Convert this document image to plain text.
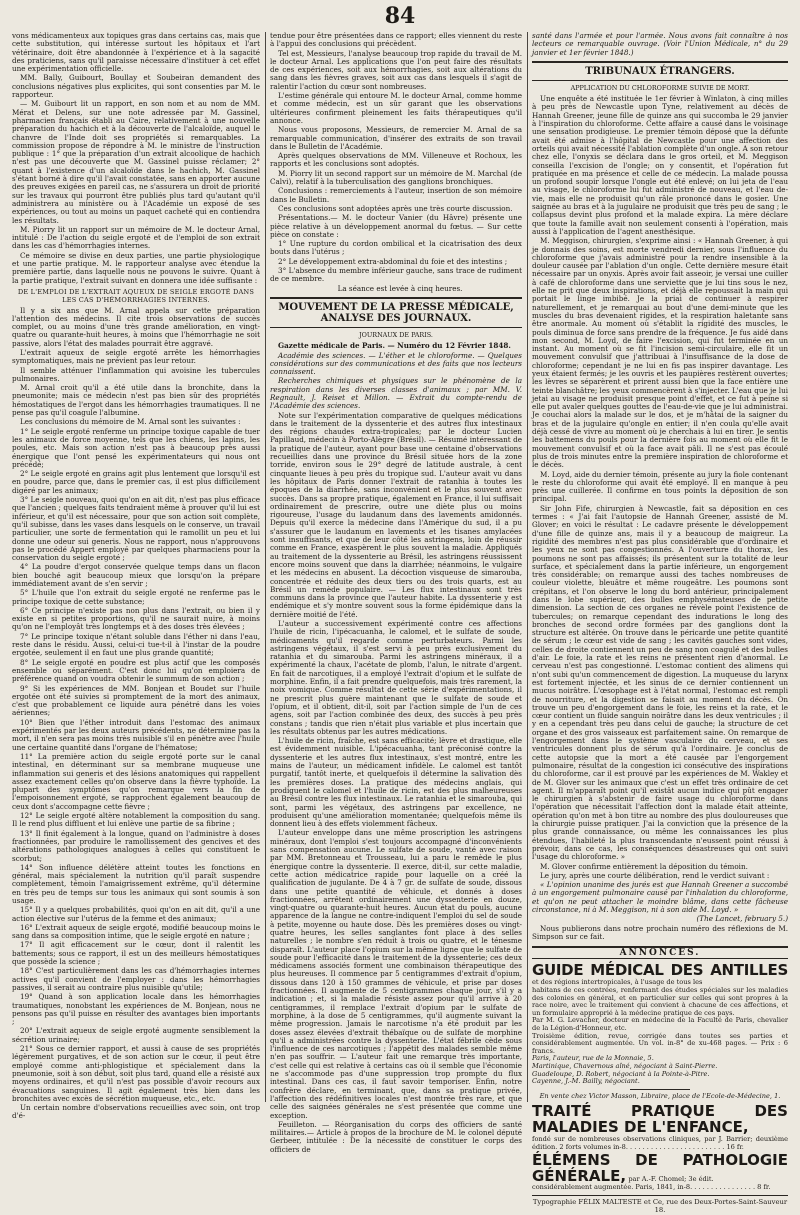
84

vons médicamenteux aux topiques gras dans certains cas, mais que cette substitution, qui intéresse surtout les hôpitaux et l'art vétérinaire, doit être abandonnée à l'expérience et à la sagacité des praticiens, sans qu'il paraisse nécessaire d'instituer à cet effet une expérimentation officielle.

MM. Bally, Guibourt, Boullay et Soubeiran demandent des conclusions négatives plus explicites, qui sont consenties par M. le rapporteur.

— M. Guibourt lit un rapport, en son nom et au nom de MM. Mérat et Delens, sur une note adressée par M. Gassinel, pharmacien français établi au Caire, relativement à une nouvelle préparation du hachich et à la découverte de l'alcaloïde, auquel le chanvre de l'Inde doit ses propriétés si remarquables. La commission propose de répondre à M. le ministre de l'instruction publique : 1° que la préparation d'un extrait alcoolique de hachich n'est pas une découverte que M. Gassinel puisse réclamer; 2° quant à l'existence d'un alcaloïde dans le hachich, M. Gassinel s'étant borné à dire qu'il l'avait constatée, sans en apporter aucune des preuves exigées en pareil cas, ne s'assurera un droit de priorité sur les travaux qui pourront être publiés plus tard qu'autant qu'il administrera au ministère ou à l'Académie un exposé de ses expériences, ou tout au moins un paquet cacheté qui en contiendra les résultats.

M. Piorry lit un rapport sur un mémoire de M. le docteur Arnal, intitulé : De l'action du seigle ergoté et de l'emploi de son extrait dans les cas d'hémorrhagies internes.

Ce mémoire se divise en deux parties, une partie physiologique et une partie pratique. M. le rapporteur analyse avec étendue la première partie, dans laquelle nous ne pouvons le suivre. Quant à la partie pratique, l'extrait suivant en donnera une idée suffisante :

DE L'EMPLOI DE L'EXTRAIT AQUEUX DE SEIGLE ERGOTÉ DANS LES CAS D'HÉMORRHAGIES INTERNES.

Il y a six ans que M. Arnal appela sur cette préparation l'attention des médecins. Il cite trois observations de succès complet, ou au moins d'une très grande amélioration, en vingt-quatre ou quarante-huit heures, à moins que l'hémorrhagie ne soit passive, alors l'état des malades pourrait être aggravé.

L'extrait aqueux de seigle ergoté arrête les hémorrhagies symptomatiques, mais ne prévient pas leur retour.

Il semble atténuer l'inflammation qui avoisine les tubercules pulmonaires.

M. Arnal croit qu'il a été utile dans la bronchite, dans la pneumonite; mais ce médecin n'est pas bien sûr des propriétés hémostatiques de l'ergot dans les hémorrhagies traumatiques. Il ne pense pas qu'il coagule l'albumine.

Les conclusions du mémoire de M. Arnal sont les suivantes :

1° Le seigle ergoté renferme un principe toxique capable de tuer les animaux de force moyenne, tels que les chiens, les lapins, les poules, etc. Mais son action n'est pas à beaucoup près aussi énergique que l'ont pensé les expérimentateurs qui nous ont précédé;

2° Le seigle ergoté en grains agit plus lentement que lorsqu'il est en poudre, parce que, dans le premier cas, il est plus difficilement digéré par les animaux;

3° Le seigle nouveau, quoi qu'on en ait dit, n'est pas plus efficace que l'ancien ; quelques faits tendraient même à prouver qu'il lui est inférieur, et qu'il est nécessaire, pour que son action soit complète, qu'il subisse, dans les vases dans lesquels on le conserve, un travail particulier, une sorte de fermentation qui le ramollit un peu et lui donne une odeur sui generis. Nous ne rapport, nous n'approuvons pas le procédé Appert employé par quelques pharmaciens pour la conservation du seigle ergoté ;

4° La poudre d'ergot conservée quelque temps dans un flacon bien bouché agit beaucoup mieux que lorsqu'on la prépare immédiatement avant de s'en servir ;

5° L'huile que l'on extrait du seigle ergoté ne renferme pas le principe toxique de cette substance;

6° Ce principe n'existe pas non plus dans l'extrait, ou bien il y existe en si petites proportions, qu'il ne saurait nuire, à moins qu'on ne l'employât très longtemps et à des doses très élevées ;

7° Le principe toxique n'étant soluble dans l'éther ni dans l'eau, reste dans le résidu. Aussi, celui-ci tue-t-il à l'instar de la poudre ergotée, seulement il en faut une plus grande quantité;

8° Le seigle ergoté en poudre est plus actif que les composés ensemble ou séparément. C'est donc lui qu'on emploiera de préférence quand on voudra obtenir le summum de son action ;

9° Si les expériences de MM. Bonjean et Boudet sur l'huile ergotée ont été suivies si promptement de la mort des animaux, c'est que probablement ce liquide aura pénétré dans les voies aériennes;

10° Bien que l'éther introduit dans l'estomac des animaux expérimentés par les deux auteurs précédents, ne détermine pas la mort, il n'en sera pas moins très nuisible s'il en pénètre avec l'huile une certaine quantité dans l'organe de l'hématose;

11° La première action du seigle ergoté porte sur le canal intestinal, en déterminant sur sa membrane muqueuse une inflammation sui generis et des lésions anatomiques qui rappellent assez exactement celles qu'on observe dans la fièvre typhoïde. La plupart des symptômes qu'on remarque vers la fin de l'empoisonnement ergoté, se rapprochent également beaucoup de ceux dont s'accompagne cette fièvre ;

12° Le seigle ergoté altère notablement la composition du sang. Il le rend plus diffluent et lui enlève une partie de sa fibrine ;

13° Il finit également à la longue, quand on l'administre à doses fractionnées, par produire le ramollissement des gencives et des altérations pathologiques analogues à celles qui constituent le scorbut;

14° Son influence délétère atteint toutes les fonctions en général, mais spécialement la nutrition qu'il paraît suspendre complètement, témoin l'amaigrissement extrême, qu'il détermine en très peu de temps sur tous les animaux qui sont soumis à son usage.

15° Il y a quelques probabilités, quoi qu'on en ait dit, qu'il a une action élective sur l'utérus de la femme et des animaux;

16° L'extrait aqueux de seigle ergoté, modifié beaucoup moins le sang dans sa composition intime, que le seigle ergoté en nature ;

17° Il agit efficacement sur le cœur, dont il ralentit les battements; sous ce rapport, il est un des meilleurs hémostatiques que possède la science ;

18° C'est particulièrement dans les cas d'hémorrhagies internes actives qu'il convient de l'employer : dans les hémorrhagies passives, il serait au contraire plus nuisible qu'utile;

19° Quand à son application locale dans les hémorrhagies traumatiques, nonobstant les expériences de M. Bonjean, nous ne pensons pas qu'il puisse en résulter des avantages bien importants ;

20° L'extrait aqueux de seigle ergoté augmente sensiblement la sécrétion urinaire;

21° Sous ce dernier rapport, et aussi à cause de ses propriétés légèrement purgatives, et de son action sur le cœur, il peut être employé comme anti-phlogistique et spécialement dans la pneumonie, soit à son début, soit plus tard, quand elle a résisté aux moyens ordinaires, et qu'il n'est pas possible d'avoir recours aux évacuations sanguines. Il agit également très bien dans les bronchites avec excès de sécrétion muqueuse, etc., etc.

Un certain nombre d'observations recueillies avec soin, ont trop d'é-

tendue pour être présentées dans ce rapport; elles viennent du reste à l'appui des conclusions qui précèdent.

Tel est, Messieurs, l'analyse beaucoup trop rapide du travail de M. le docteur Arnal. Les applications que l'on peut faire des résultats de ces expériences, soit aux hémorrhagies, soit aux altérations du sang dans les fièvres graves, soit aux cas dans lesquels il s'agit de ralentir l'action du cœur sont nombreuses.

L'estime générale qui entoure M. le docteur Arnal, comme homme et comme médecin, est un sûr garant que les observations ultérieures confirment pleinement les faits thérapeutiques qu'il annonce.

Nous vous proposons, Messieurs, de remercier M. Arnal de sa remarquable communication, d'insérer des extraits de son travail dans le Bulletin de l'Académie.

Après quelques observations de MM. Villeneuve et Rochoux, les rapports et les conclusions sont adoptés.

M. Piorry lit un second rapport sur un mémoire de M. Marchal (de Calvi), relatif à la tuberculisation des ganglions bronchiques.

Conclusions : remerciements à l'auteur, insertion de son mémoire dans le Bulletin.

Ces conclusions sont adoptées après une très courte discussion.

Présentations.— M. le docteur Vanier (du Hâvre) présente une pièce relative à un développement anormal du fœtus. — Sur cette pièce on constate :

1° Une rupture du cordon ombilical et la cicatrisation des deux bouts dans l'utérus ;

2° Le développement extra-abdominal du foie et des intestins ;

3° L'absence du membre inférieur gauche, sans trace de rudiment de ce membre.

La séance est levée à cinq heures.

MOUVEMENT DE LA PRESSE MÉDICALE, ANALYSE DES JOURNAUX.
JOURNAUX DE PARIS.

Gazette médicale de Paris. — Numéro du 12 Février 1848.

Académie des sciences. — L'éther et le chloroforme. — Quelques considérations sur des communications et des faits que nos lecteurs connaissent.

Recherches chimiques et physiques sur le phénomène de la respiration dans les diverses classes d'animaux ; par MM. V. Regnault, J. Reiset et Millon. — Extrait du compte-rendu de l'Académie des sciences.

Note sur l'expérimentation comparative de quelques médications dans le traitement de la dyssenterie et des autres flux intestinaux des régions chaudes extra-tropicales; par le docteur Lucien Papillaud, médecin à Porto-Alègre (Brésil). — Résumé intéressant de la pratique de l'auteur, ayant pour base une centaine d'observations recueillies dans une province du Brésil située hors de la zone torride, environ sous le 29° degré de latitude australe, à cent cinquante lieues à peu près du tropique sud. L'auteur avait vu dans les hôpitaux de Paris donner l'extrait de ratanhia à toutes les époques de la diarrhée, sans inconvénient et le plus souvent avec succès. Dans sa propre pratique, également en France, il lui suffisait ordinairement de prescrire, outre une diète plus ou moins rigoureuse, l'usage du laudanum dans des lavements amidonnés. Depuis qu'il exerce la médecine dans l'Amérique du sud, il a pu s'assurer que le laudanum en lavements et les tisanes amylacées sont insuffisants, et que de leur côté les astringens, loin de réussir comme en France, exaspèrent le plus souvent la maladie. Appliqués au traitement de la dyssenterie au Brésil, les astringens réussissent encore moins souvent que dans la diarrhée; néanmoins, le vulgaire et les médecins en abusent. La décoction visqueuse de simarouba, concentrée et réduite des deux tiers ou des trois quarts, est au Brésil un remède populaire. — Les flux intestinaux sont très communs dans la province que l'auteur habite. La dyssenterie y est endémique et s'y montre souvent sous la forme épidémique dans la dernière moitié de l'été.

L'auteur a successivement expérimenté contre ces affections l'huile de ricin, l'ipécacuanha, le calomel, et le sulfate de soude, médicaments qu'il regarde comme perturbateurs. Parmi les astringens végétaux, il s'est servi à peu près exclusivement du ratanhia et du simarouba. Parmi les astringens minéraux, il a expérimenté la chaux, l'acétate de plomb, l'alun, le nitrate d'argent. En fait de narcotiques, il a employé l'extrait d'opium et le sulfate de morphine. Enfin, il a fait prendre quelquefois, mais très rarement, la noix vomique. Comme résultat de cette série d'expérimentations, il ne prescrit plus guère maintenant que le sulfate de soude et l'opium, et il obtient, dit-il, soit par l'action simple de l'un de ces agens, soit par l'action combinée des deux, des succès à peu près constans ; tandis que rien n'était plus variable et plus incertain que les résultats obtenus par les autres médications.

L'huile de ricin, fraîche, est sans efficacité; lèvre et drastique, elle est évidemment nuisible. L'ipécacuanha, tant préconisé contre la dyssenterie et les autres flux intestinaux, s'est montré, entre les mains de l'auteur, un médicament infidèle. Le calomel est tantôt purgatif, tantôt inerte, et quelquefois il détermine la salivation dès les premières doses. La pratique des médecins anglais, qui prodiguent le calomel et l'huile de ricin, est des plus malheureuses au Brésil contre les flux intestinaux. Le ratanhia et le simarouba, qui sont, parmi les végétaux, des astringens par excellence, ne produisent qu'une amélioration momentanée; quelquefois même ils donnent lieu à des effets violemment fâcheux.

L'auteur enveloppe dans une même proscription les astringens minéraux, dont l'emploi s'est toujours accompagné d'inconvénients sans compensation aucune. Le sulfate de soude, vanté avec raison par MM. Bretonneau et Trousseau, lui a paru le remède le plus énergique contre la dyssenterie. Il exerce, dit-il, sur cette maladie, cette action médicatrice rapide pour laquelle on a créé la qualification de jugulante. De 4 à 7 gr. de sulfate de soude, dissous dans une petite quantité de véhicule, et donnés à doses fractionnées, arrêtent ordinairement une dyssenterie en douze, vingt-quatre ou quarante-huit heures. Aucun état du pouls, aucune apparence de la langue ne contre-indiquent l'emploi du sel de soude à petite, moyenne ou haute dose. Dès les premières doses ou vingt-quatre heures, les selles sanglantes font place à des selles naturelles ; le nombre s'en réduit à trois ou quatre, et le ténesme disparaît. L'auteur place l'opium sur la même ligne que le sulfate de soude pour l'efficacité dans le traitement de la dyssenterie; ces deux médicamens associés forment une combinaison thérapeutique des plus heureuses. Il commence par 5 centigrammes d'extrait d'opium, dissous dans 120 à 150 grammes de véhicule, et prise par doses fractionnées. Il augmente de 5 centigrammes chaque jour, s'il y a indication ; et, si la maladie résiste assez pour qu'il arrive à 20 centigrammes, il remplace l'extrait d'opium par le sulfate de morphine, à la dose de 5 centigrammes, qu'il augmente suivant la même progression. Jamais le narcotisme n'a été produit par les doses assez élevées d'extrait thébaïque ou de sulfate de morphine qu'il a administrées contre la dyssenterie. L'état fébrile cède sous l'influence de ces narcotiques ; l'appétit des malades semble même n'en pas souffrir. — L'auteur fait une remarque très importante, c'est celle qui est relative à certains cas où il semble que l'économie ne s'accommode pas d'une suppression trop prompte du flux intestinal. Dans ces cas, il faut savoir temporiser. Enfin, notre confrère déclare, en terminant, que, dans sa pratique privée, l'affection des rédéfinitives locales n'est montrée très rare, et que celle des saignées générales ne s'est présentée que comme une exception.

Feuilleton. — Réorganisation du corps des officiers de santé militaires.— Article à propos de la brochure de M. le colonel député Gerbeer, intitulée : De la nécessité de constituer le corps des officiers de

santé dans l'armée et pour l'armée. Nous avons fait connaître à nos lecteurs ce remarquable ouvrage. (Voir l'Union Médicale, n° du 29 janvier et 1er février 1848.)

TRIBUNAUX ÉTRANGERS.
APPLICATION DU CHLOROFORME SUIVIE DE MORT.

Une enquête a été instituée le 1er février à Winlaton, à cinq milles à peu près de Newcastle upon Tyne, relativement au décès de Hannah Greener, jeune fille de quinze ans qui succomba le 29 janvier à l'inspiration du chloroforme. Cette affaire a causé dans le voisinage une sensation prodigieuse. Le premier témoin déposé que la défunte avait été admise à l'hôpital de Newcastle pour une affection des orteils qui avait nécessité l'ablation complète d'un ongle. A son retour chez elle, l'onyxis se déclara dans le gros orteil, et M. Meggison conseilla l'excision de l'ongle; on y consentit, et l'opération fut pratiquée en ma présence et celle de ce médecin. La malade poussa un profond soupir lorsque l'ongle eut été enlevé; on lui jeta de l'eau au visage, le chloroforme lui fut administré de nouveau, et l'eau de-vie, mais elle ne produisit qu'un râle prononcé dans le gosier. Une saignée au bras et à la jugulaire ne produisit que très peu de sang ; le collapsus devint plus profond et la malade expira. La mère déclare que toute la famille avait non seulement consenti à l'opération, mais aussi à l'application de l'agent anesthésique.

M. Meggison, chirurgien, s'exprime ainsi : « Hannah Greener, à qui je donnais des soins, est morte vendredi dernier, sous l'influence du chloroforme que j'avais administré pour la rendre insensible à la douleur causée par l'ablation d'un ongle. Cette dernière mesure était nécessaire par un onyxis. Après avoir fait asseoir, je versai une cuiller à café de chloroforme dans une serviette que je lui tins sous le nez, elle ne prit que deux inspirations, et déjà elle repoussait la main qui portait le linge imbibé. Je la priai de continuer à respirer naturellement, et je remarquai au bout d'une demi-minute que les muscles du bras devenaient rigides, et la respiration haletante sans être anormale. Au moment où s'établit la rigidité des muscles, le pouls diminua de force sans prendre de la fréquence. Je fus aidé dans mon second, M. Loyd, de faire l'excision, qui fut terminée en un instant. Au moment où se fit l'incision semi-circulaire, elle fit un mouvement convulsif que j'attribuai à l'insuffisance de la dose de chloroforme; cependant je ne lui en fis pas inspirer davantage. Les yeux étaient fermés; je les ouvris et les paupières restèrent ouvertes; les lèvres se séparèrent et prirent aussi bien que la face entière une teinte blanchâtre; les yeux commencèrent à s'injecter. L'eau que je lui jetai au visage ne produisit presque point d'effet, et ce fut à peine si elle put avaler quelques gouttes de l'eau-de-vie que je lui administrai. Je couchai alors la malade sur le dos, et je m'hâtai de la saigner du bras et de la jugulaire qu'ongle en entier; il n'en coula qu'elle avait déjà cessé de vivre au moment où je cherchais à lui en tirer. Je sentis les battemens du pouls pour la dernière fois au moment où elle fit le mouvement convulsif et où la face avait pâli. Il ne s'est pas écoulé plus de trois minutes entre la première inspiration de chloroforme et le décès.

M. Loyd, aide du dernier témoin, présente au jury la fiole contenant le reste du chloroforme qui avait été employé. Il en manque à peu près une cuillerée. Il confirme en tous points la déposition de son principal.

Sir John Fife, chirurgien à Newcastle, fait sa déposition en ces termes : « J'ai fait l'autopsie de Hannah Greener, assisté de M. Glover; en voici le résultat : Le cadavre présente le développement d'une fille de quinze ans, mais il y a beaucoup de maigreur. La rigidité des membres n'est pas plus considérable que d'ordinaire et les yeux ne sont pas congestionnés. A l'ouverture du thorax, les poumons ne sont pas affaissés; ils présentent sur la totalité de leur surface, et spécialement dans la partie inférieure, un engorgement très considérable; on remarque aussi des taches nombreuses de couleur violette, bleuâtre et même rougeâtre. Les poumons sont crépitans, et l'on observe le long du bord antérieur, principalement dans le lobe supérieur, des bulles emphysémateuses de petite dimension. La section de ces organes ne révèle point l'existence de tubercules; on remarque cependant des indurations le long des bronches de second ordre formées par des ganglions dont la structure est altérée. On trouve dans le péricarde une petite quantité de sérum ; le cœur est vide de sang ; les cavités gauches sont vides, celles de droite contiennent un peu de sang non coagulé et des bulles d'air. Le foie, la rate et les reins ne présentent rien d'anormal. Le cerveau n'est pas congestionné. L'estomac contient des alimens qui n'ont subi qu'un commencement de digestion. La muqueuse du larynx est fortement injectée, et les sinus de ce dernier contiennent un mucus noirâtre. L'œsophage est à l'état normal, l'estomac est rempli de nourriture, et la digestion se faisait au moment du décès. On trouve un peu d'engorgement dans le foie, les reins et la rate, et le cœur contient un fluide sanguin noirâtre dans les deux ventricules ; il y en a cependant très peu dans celui de gauche; la structure de cet organe et des gros vaisseaux est parfaitement saine. On remarque de l'engorgement dans le système vasculaire du cerveau, et ses ventricules donnent plus de sérum qu'à l'ordinaire. Je conclus de cette autopsie que la mort a été causée par l'engorgement pulmonaire, résultat de la congestion ici consécutive des inspirations du chloroforme, car il est prouvé par les expériences de M. Wakley et de M. Glover sur les animaux que c'est un effet très ordinaire de cet agent. Il m'apparaît point qu'il existât aucun indice qui pût engager le chirurgien à s'abstenir de faire usage du chloroforme dans l'opération que nécessitait l'affection dont la malade était atteinte, opération qu'on met à bon titre au nombre des plus douloureuses que la chirurgie puisse pratiquer. J'ai la conviction que la présence de la plus grande connaissance, ou même les connaissances les plus étendues, l'habileté la plus transcendante n'eussent point réussi à prévoir, dans ce cas, les conséquences désastreuses qui ont suivi l'usage du chloroforme. »

M. Glover confirme entièrement la déposition du témoin.

Le jury, après une courte délibération, rend le verdict suivant :

« L'opinion unanime des jurés est que Hannah Greener a succombé à un engorgement pulmonaire causé par l'inhalation du chloroforme, et qu'on ne peut attacher le moindre blâme, dans cette fâcheuse circonstance, ni à M. Meggison, ni à son aide M. Loyd. »

(The Lancet, february 5.)

Nous publierons dans notre prochain numéro des réflexions de M. Simpson sur ce fait.

ANNONCES.
GUIDE MÉDICAL DES ANTILLES et des régions intertropicales, à l'usage de tous les
habitans de ces contrées, renfermant des études spéciales sur les maladies des colonies en général, et en particulier sur celles qui sont propres à la race noire, avec le traitement qui convient à chacune de ces affections, et un formulaire approprié à la médecine pratique de ces pays.
Par M. G. Levacher, docteur en médecine de la Faculté de Paris, chevalier de la Légion-d'Honneur, etc.
Troisième édition, revue, corrigée dans toutes ses parties et considérablement augmentée. Un vol. in-8° de xu-468 pages. — Prix : 6 francs.
Paris, l'auteur, rue de la Monnaie, 5.
Martinique, Chavernous aîné, négociant à Saint-Pierre.
Guadeloupe, D. Robert, négociant à la Pointe-à-Pitre.
Cayenne, J.-M. Bailly, négociant.
En vente chez Victor Masson, Libraire, place de l'Ecole-de-Médecine, 1.
TRAITÉ PRATIQUE DES MALADIES DE L'ENFANCE,
fondé sur de nombreuses observations cliniques, par J. Barrier; deuxième édition. 2 forts volumes in-8. . . . . . . . . . . . . . . . . . . . . . . . 16 fr.
ÉLÉMENS DE PATHOLOGIE GÉNÉRALE, par A.-F. Chomel; 3e édit.
considérablement augmentée. Paris, 1841, in-8. . . . . . . . . . . . . . . . 8 fr.
Typographie FÉLIX MALTESTE et Ce, rue des Deux-Portes-Saint-Sauveur 18.
